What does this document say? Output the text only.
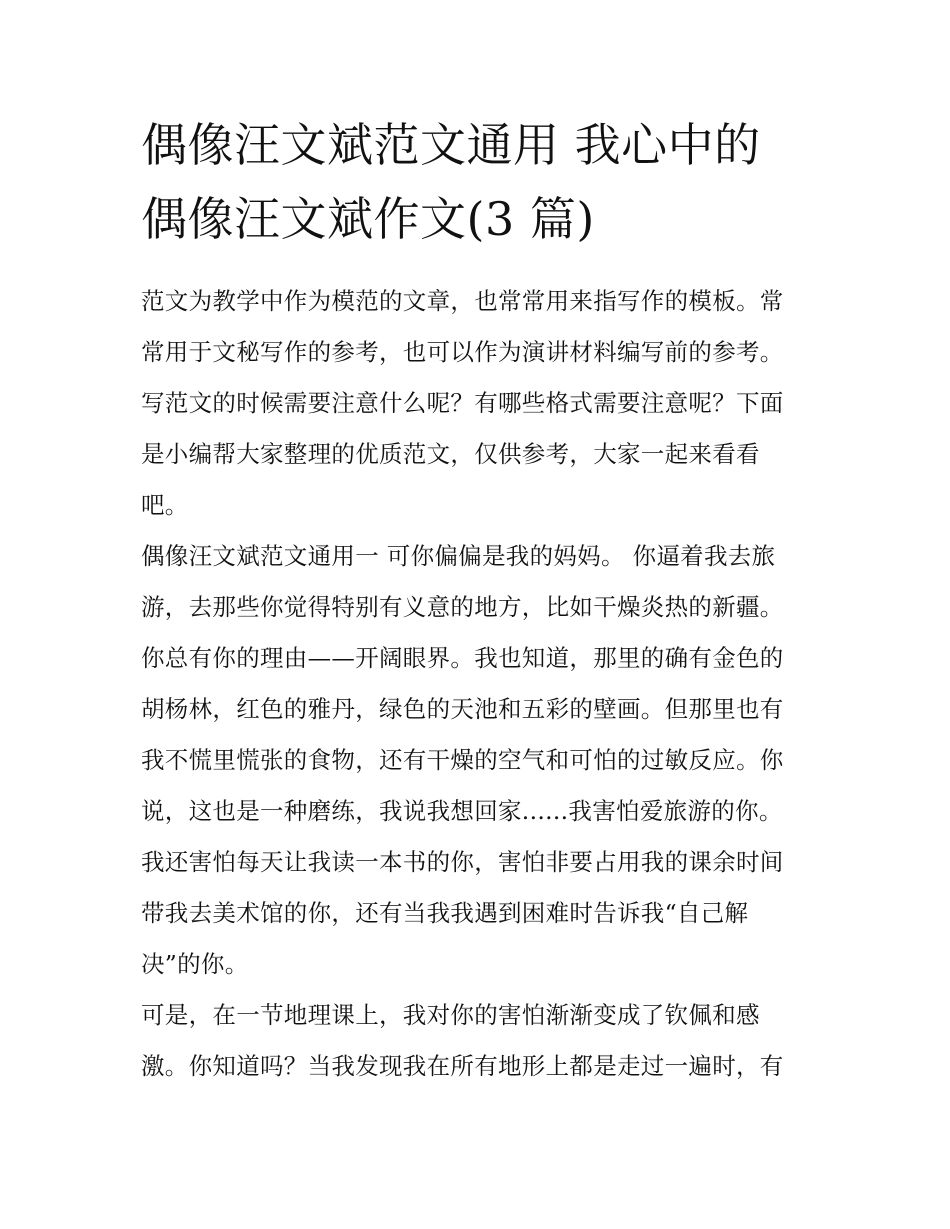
偶像汪文斌范文通用 我心中的
偶像汪文斌作文(3 篇)

范文为教学中作为模范的文章，也常常用来指写作的模板。常
常用于文秘写作的参考，也可以作为演讲材料编写前的参考。
写范文的时候需要注意什么呢？有哪些格式需要注意呢？下面
是小编帮大家整理的优质范文，仅供参考，大家一起来看看
吧。

偶像汪文斌范文通用一 可你偏偏是我的妈妈。 你逼着我去旅
游，去那些你觉得特别有义意的地方，比如干燥炎热的新疆。
你总有你的理由——开阔眼界。我也知道，那里的确有金色的
胡杨林，红色的雅丹，绿色的天池和五彩的壁画。但那里也有
我不慌里慌张的食物，还有干燥的空气和可怕的过敏反应。你
说，这也是一种磨练，我说我想回家......我害怕爱旅游的你。
我还害怕每天让我读一本书的你，害怕非要占用我的课余时间
带我去美术馆的你，还有当我我遇到困难时告诉我“自己解
决”的你。

可是，在一节地理课上，我对你的害怕渐渐变成了钦佩和感
激。你知道吗？当我发现我在所有地形上都是走过一遍时，有
